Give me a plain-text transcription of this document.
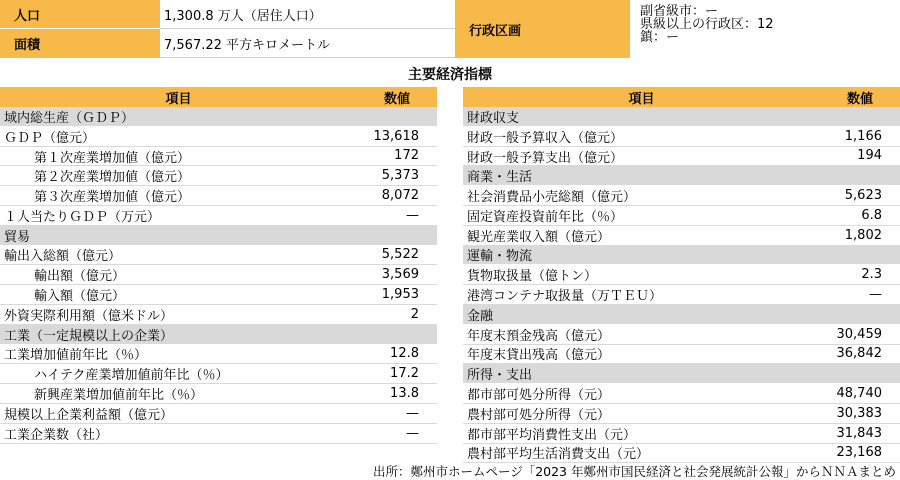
人口	1,300.8 万人（居住人口）
面積	7,567.22 平方キロメートル
行政区画
副省級市：ー
県級以上の行政区：12
鎮：ー
主要経済指標
項目	数値
域内総生産（ＧＤＰ）
ＧＤＰ（億元）	13,618
第１次産業増加値（億元）	172
第２次産業増加値（億元）	5,373
第３次産業増加値（億元）	8,072
１人当たりＧＤＰ（万元）	—
貿易
輸出入総額（億元）	5,522
輸出額（億元）	3,569
輸入額（億元）	1,953
外資実際利用額（億米ドル）	2
工業（一定規模以上の企業）
工業増加値前年比（％）	12.8
ハイテク産業増加値前年比（％）	17.2
新興産業増加値前年比（％）	13.8
規模以上企業利益額（億元）	—
工業企業数（社）	—
項目	数値
財政収支
財政一般予算収入（億元）	1,166
財政一般予算支出（億元）	194
商業・生活
社会消費品小売総額（億元）	5,623
固定資産投資前年比（％）	6.8
観光産業収入額（億元）	1,802
運輸・物流
貨物取扱量（億トン）	2.3
港湾コンテナ取扱量（万ＴＥＵ）	—
金融
年度末預金残高（億元）	30,459
年度末貸出残高（億元）	36,842
所得・支出
都市部可処分所得（元）	48,740
農村部可処分所得（元）	30,383
都市部平均消費性支出（元）	31,843
農村部平均生活消費支出（元）	23,168
出所：鄭州市ホームページ「2023 年鄭州市国民経済と社会発展統計公報」からＮＮＡまとめ
